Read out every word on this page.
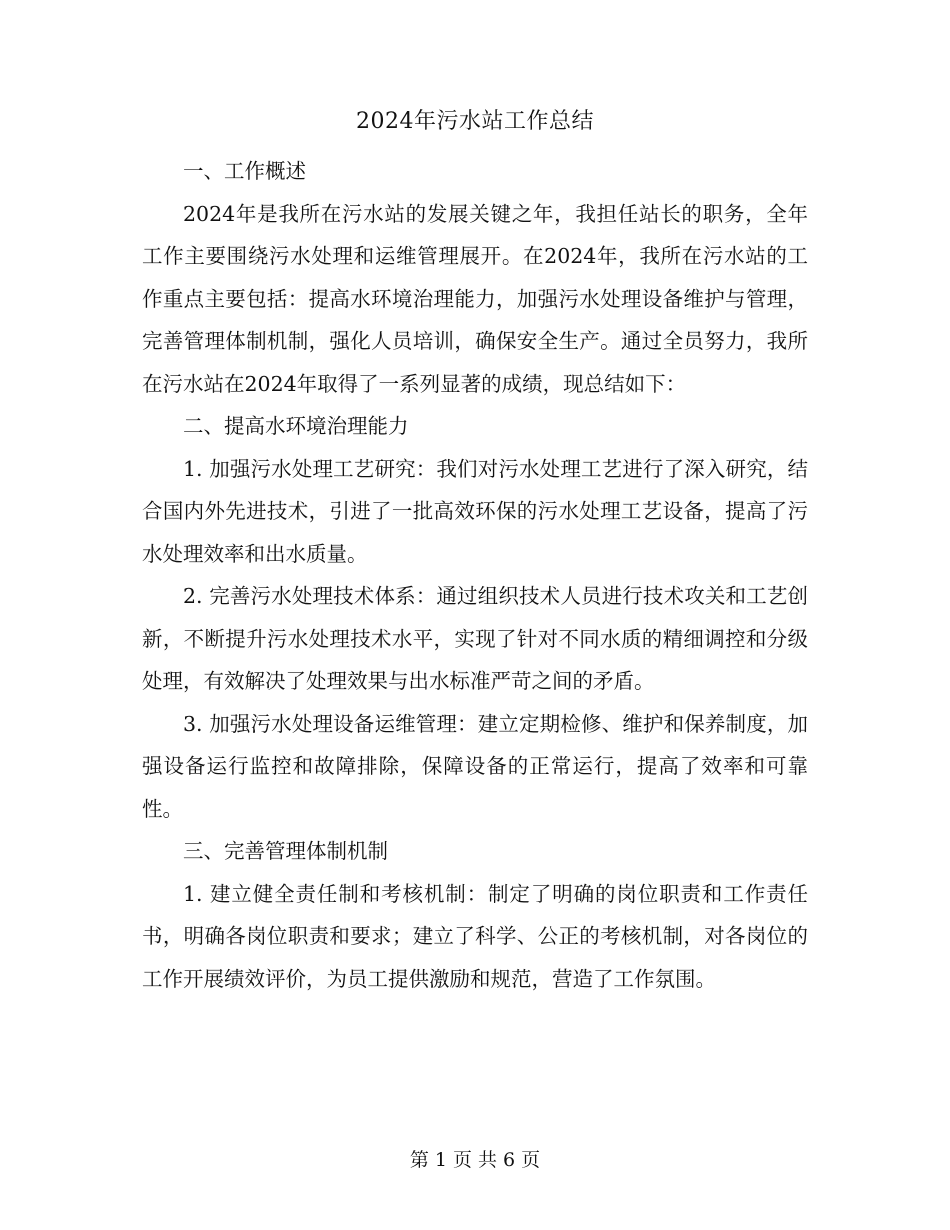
2024年污水站工作总结

一、工作概述

2024年是我所在污水站的发展关键之年，我担任站长的职务，全年工作主要围绕污水处理和运维管理展开。在2024年，我所在污水站的工作重点主要包括：提高水环境治理能力，加强污水处理设备维护与管理，完善管理体制机制，强化人员培训，确保安全生产。通过全员努力，我所在污水站在2024年取得了一系列显著的成绩，现总结如下：

二、提高水环境治理能力

1. 加强污水处理工艺研究：我们对污水处理工艺进行了深入研究，结合国内外先进技术，引进了一批高效环保的污水处理工艺设备，提高了污水处理效率和出水质量。

2. 完善污水处理技术体系：通过组织技术人员进行技术攻关和工艺创新，不断提升污水处理技术水平，实现了针对不同水质的精细调控和分级处理，有效解决了处理效果与出水标准严苛之间的矛盾。

3. 加强污水处理设备运维管理：建立定期检修、维护和保养制度，加强设备运行监控和故障排除，保障设备的正常运行，提高了效率和可靠性。

三、完善管理体制机制

1. 建立健全责任制和考核机制：制定了明确的岗位职责和工作责任书，明确各岗位职责和要求；建立了科学、公正的考核机制，对各岗位的工作开展绩效评价，为员工提供激励和规范，营造了工作氛围。

第 1 页 共 6 页
